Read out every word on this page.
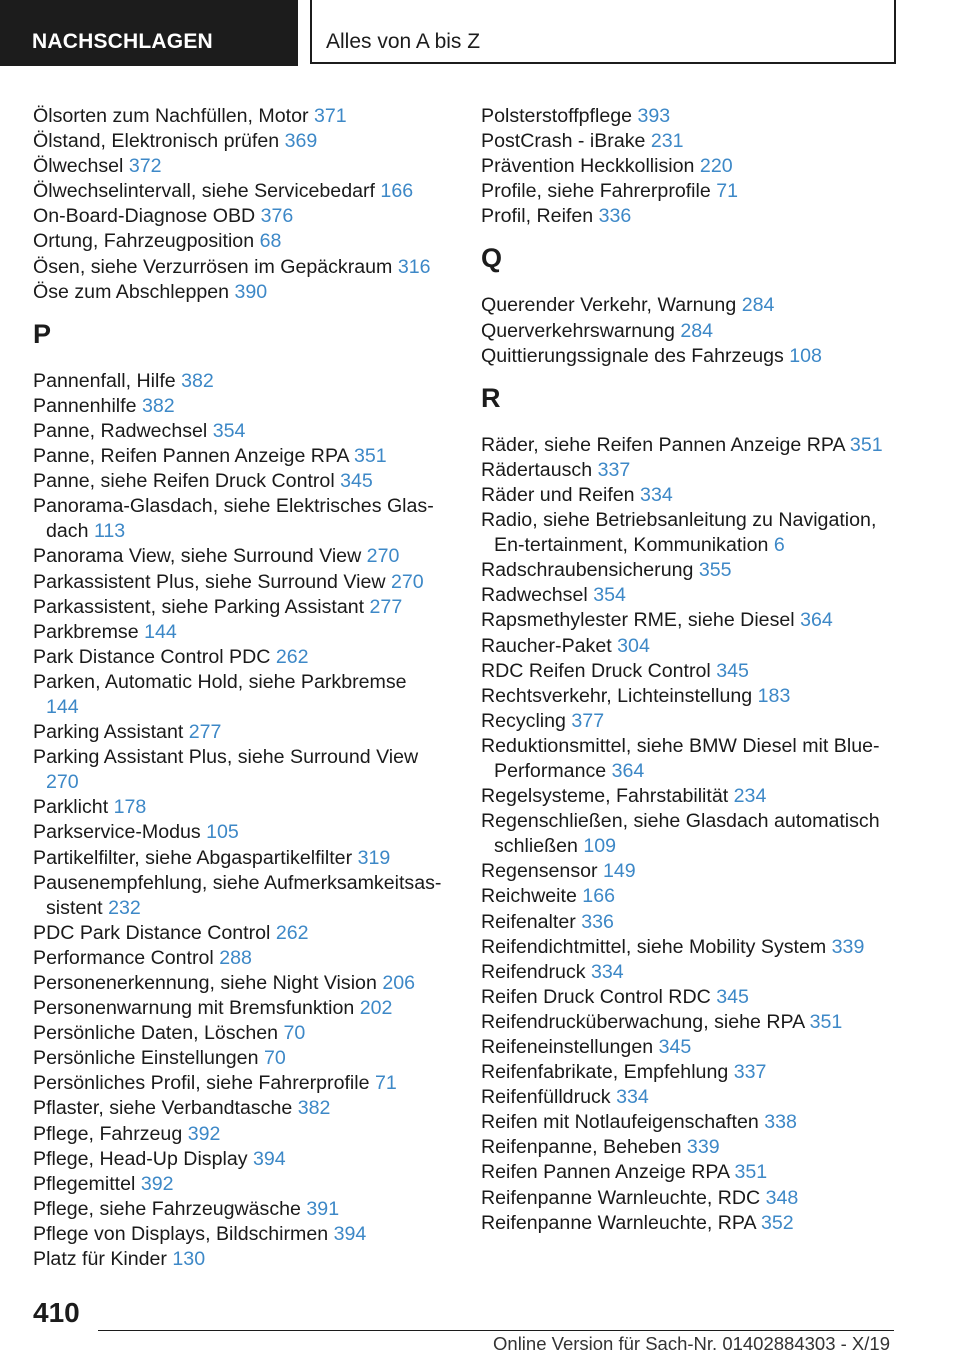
NACHSCHLAGEN	Alles von A bis Z
Ölsorten zum Nachfüllen, Motor 371
Ölstand, Elektronisch prüfen 369
Ölwechsel 372
Ölwechselintervall, siehe Servicebedarf 166
On-Board-Diagnose OBD 376
Ortung, Fahrzeugposition 68
Ösen, siehe Verzurrösen im Gepäckraum 316
Öse zum Abschleppen 390
P
Pannenfall, Hilfe 382
Pannenhilfe 382
Panne, Radwechsel 354
Panne, Reifen Pannen Anzeige RPA 351
Panne, siehe Reifen Druck Control 345
Panorama-Glasdach, siehe Elektrisches Glas-dach 113
Panorama View, siehe Surround View 270
Parkassistent Plus, siehe Surround View 270
Parkassistent, siehe Parking Assistant 277
Parkbremse 144
Park Distance Control PDC 262
Parken, Automatic Hold, siehe Parkbremse 144
Parking Assistant 277
Parking Assistant Plus, siehe Surround View 270
Parklicht 178
Parkservice-Modus 105
Partikelfilter, siehe Abgaspartikelfilter 319
Pausenempfehlung, siehe Aufmerksamkeitsas-sistent 232
PDC Park Distance Control 262
Performance Control 288
Personenerkennung, siehe Night Vision 206
Personenwarnung mit Bremsfunktion 202
Persönliche Daten, Löschen 70
Persönliche Einstellungen 70
Persönliches Profil, siehe Fahrerprofile 71
Pflaster, siehe Verbandtasche 382
Pflege, Fahrzeug 392
Pflege, Head-Up Display 394
Pflegemittel 392
Pflege, siehe Fahrzeugwäsche 391
Pflege von Displays, Bildschirmen 394
Platz für Kinder 130
Polsterstoffpflege 393
PostCrash - iBrake 231
Prävention Heckkollision 220
Profile, siehe Fahrerprofile 71
Profil, Reifen 336
Q
Querender Verkehr, Warnung 284
Querverkehrswarnung 284
Quittierungssignale des Fahrzeugs 108
R
Räder, siehe Reifen Pannen Anzeige RPA 351
Rädertausch 337
Räder und Reifen 334
Radio, siehe Betriebsanleitung zu Navigation, En-tertainment, Kommunikation 6
Radschraubensicherung 355
Radwechsel 354
Rapsmethylester RME, siehe Diesel 364
Raucher-Paket 304
RDC Reifen Druck Control 345
Rechtsverkehr, Lichteinstellung 183
Recycling 377
Reduktionsmittel, siehe BMW Diesel mit Blue-Performance 364
Regelsysteme, Fahrstabilität 234
Regenschließen, siehe Glasdach automatisch schließen 109
Regensensor 149
Reichweite 166
Reifenalter 336
Reifendichtmittel, siehe Mobility System 339
Reifendruck 334
Reifen Druck Control RDC 345
Reifendrucküberwachung, siehe RPA 351
Reifeneinstellungen 345
Reifenfabrikate, Empfehlung 337
Reifenfülldruck 334
Reifen mit Notlaufeigenschaften 338
Reifenpanne, Beheben 339
Reifen Pannen Anzeige RPA 351
Reifenpanne Warnleuchte, RDC 348
Reifenpanne Warnleuchte, RPA 352
410
Online Version für Sach-Nr. 01402884303 - X/19
